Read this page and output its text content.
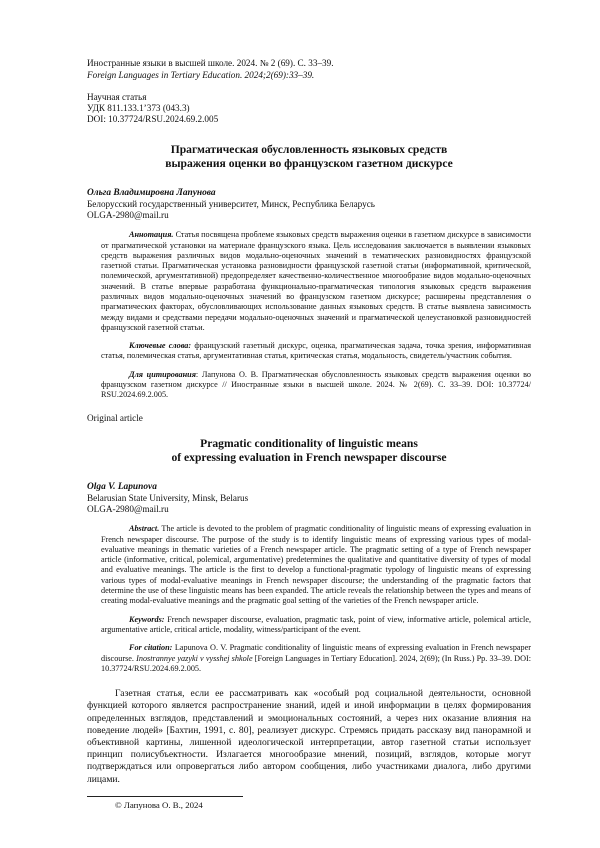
Иностранные языки в высшей школе. 2024. № 2 (69). С. 33–39.
Foreign Languages in Tertiary Education. 2024;2(69):33–39.
Научная статья
УДК 811.133.1’373 (043.3)
DOI: 10.37724/RSU.2024.69.2.005
Прагматическая обусловленность языковых средств
выражения оценки во французском газетном дискурсе
Ольга Владимировна Лапунова
Белорусский государственный университет, Минск, Республика Беларусь
OLGA-2980@mail.ru
Аннотация. Статья посвящена проблеме языковых средств выражения оценки в газетном дискурсе в зависимости от прагматической установки на материале французского языка. Цель исследования заключается в выявлении языковых средств выражения различных видов модально-оценочных значений в тематических разновидностях французской газетной статьи. Прагматическая установка разновидности французской газетной статьи (информативной, критической, полемической, аргументативной) предопределяет качественно-количественное многообразие видов модально-оценочных значений. В статье впервые разработана функционально-прагматическая типология языковых средств выражения различных видов модально-оценочных значений во французском газетном дискурсе; расширены представления о прагматических факторах, обусловливающих использование данных языковых средств. В статье выявлена зависимость между видами и средствами передачи модально-оценочных значений и прагматической целеустановкой разновидностей французской газетной статьи.
Ключевые слова: французский газетный дискурс, оценка, прагматическая задача, точка зрения, информативная статья, полемическая статья, аргументативная статья, критическая статья, модальность, свидетель/участник события.
Для цитирования: Лапунова О. В. Прагматическая обусловленность языковых средств выражения оценки во французском газетном дискурсе // Иностранные языки в высшей школе. 2024. № 2(69). С. 33–39. DOI: 10.37724/ RSU.2024.69.2.005.
Original article
Pragmatic conditionality of linguistic means
of expressing evaluation in French newspaper discourse
Olga V. Lapunova
Belarusian State University, Minsk, Belarus
OLGA-2980@mail.ru
Abstract. The article is devoted to the problem of pragmatic conditionality of linguistic means of expressing evaluation in French newspaper discourse. The purpose of the study is to identify linguistic means of expressing various types of modal-evaluative meanings in thematic varieties of a French newspaper article. The pragmatic setting of a type of French newspaper article (informative, critical, polemical, argumentative) predetermines the qualitative and quantitative diversity of types of modal and evaluative meanings. The article is the first to develop a functional-pragmatic typology of linguistic means of expressing various types of modal-evaluative meanings in French newspaper discourse; the understanding of the pragmatic factors that determine the use of these linguistic means has been expanded. The article reveals the relationship between the types and means of creating modal-evaluative meanings and the pragmatic goal setting of the varieties of the French newspaper article.
Keywords: French newspaper discourse, evaluation, pragmatic task, point of view, informative article, polemical article, argumentative article, critical article, modality, witness/participant of the event.
For citation: Lapunova O. V. Pragmatic conditionality of linguistic means of expressing evaluation in French newspaper discourse. Inostrannye yazyki v vysshej shkole [Foreign Languages in Tertiary Education]. 2024, 2(69); (In Russ.) Pp. 33–39. DOI: 10.37724/RSU.2024.69.2.005.
Газетная статья, если ее рассматривать как «особый род социальной деятельности, основной функцией которого является распространение знаний, идей и иной информации в целях формирования определенных взглядов, представлений и эмоциональных состояний, а через них оказание влияния на поведение людей» [Бахтин, 1991, с. 80], реализует дискурс. Стремясь придать рассказу вид панорамной и объективной картины, лишенной идеологической интерпретации, автор газетной статьи использует принцип полисубъектности. Излагается многообразие мнений, позиций, взглядов, которые могут подтверждаться или опровергаться либо автором сообщения, либо участниками диалога, либо другими лицами.
© Лапунова О. В., 2024
